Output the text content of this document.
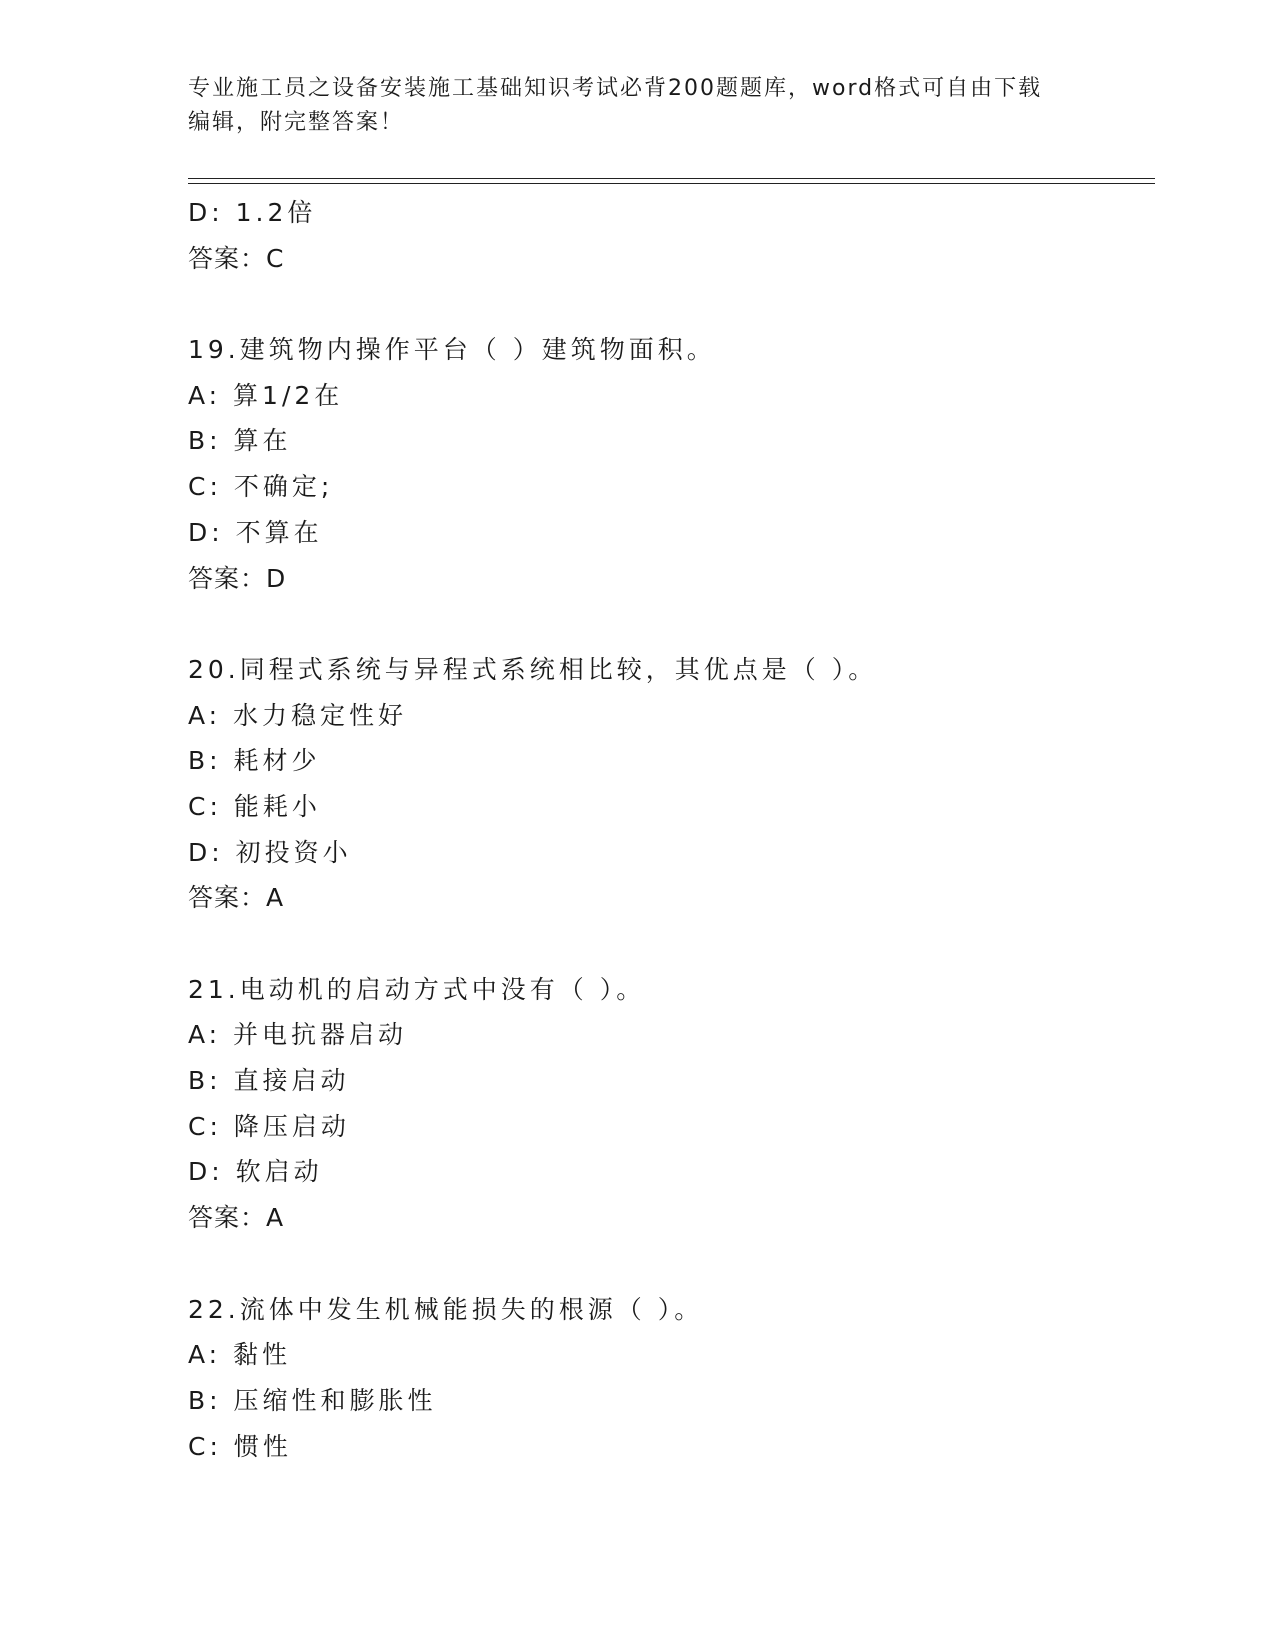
专业施工员之设备安装施工基础知识考试必背200题题库，word格式可自由下载
编辑，附完整答案！
D: 1.2倍
答案：C
19.建筑物内操作平台（ ）建筑物面积。
A: 算1/2在
B: 算在
C: 不确定;
D: 不算在
答案：D
20.同程式系统与异程式系统相比较，其优点是（ ）。
A: 水力稳定性好
B: 耗材少
C: 能耗小
D: 初投资小
答案：A
21.电动机的启动方式中没有（ ）。
A: 并电抗器启动
B: 直接启动
C: 降压启动
D: 软启动
答案：A
22.流体中发生机械能损失的根源（ ）。
A: 黏性
B: 压缩性和膨胀性
C: 惯性
